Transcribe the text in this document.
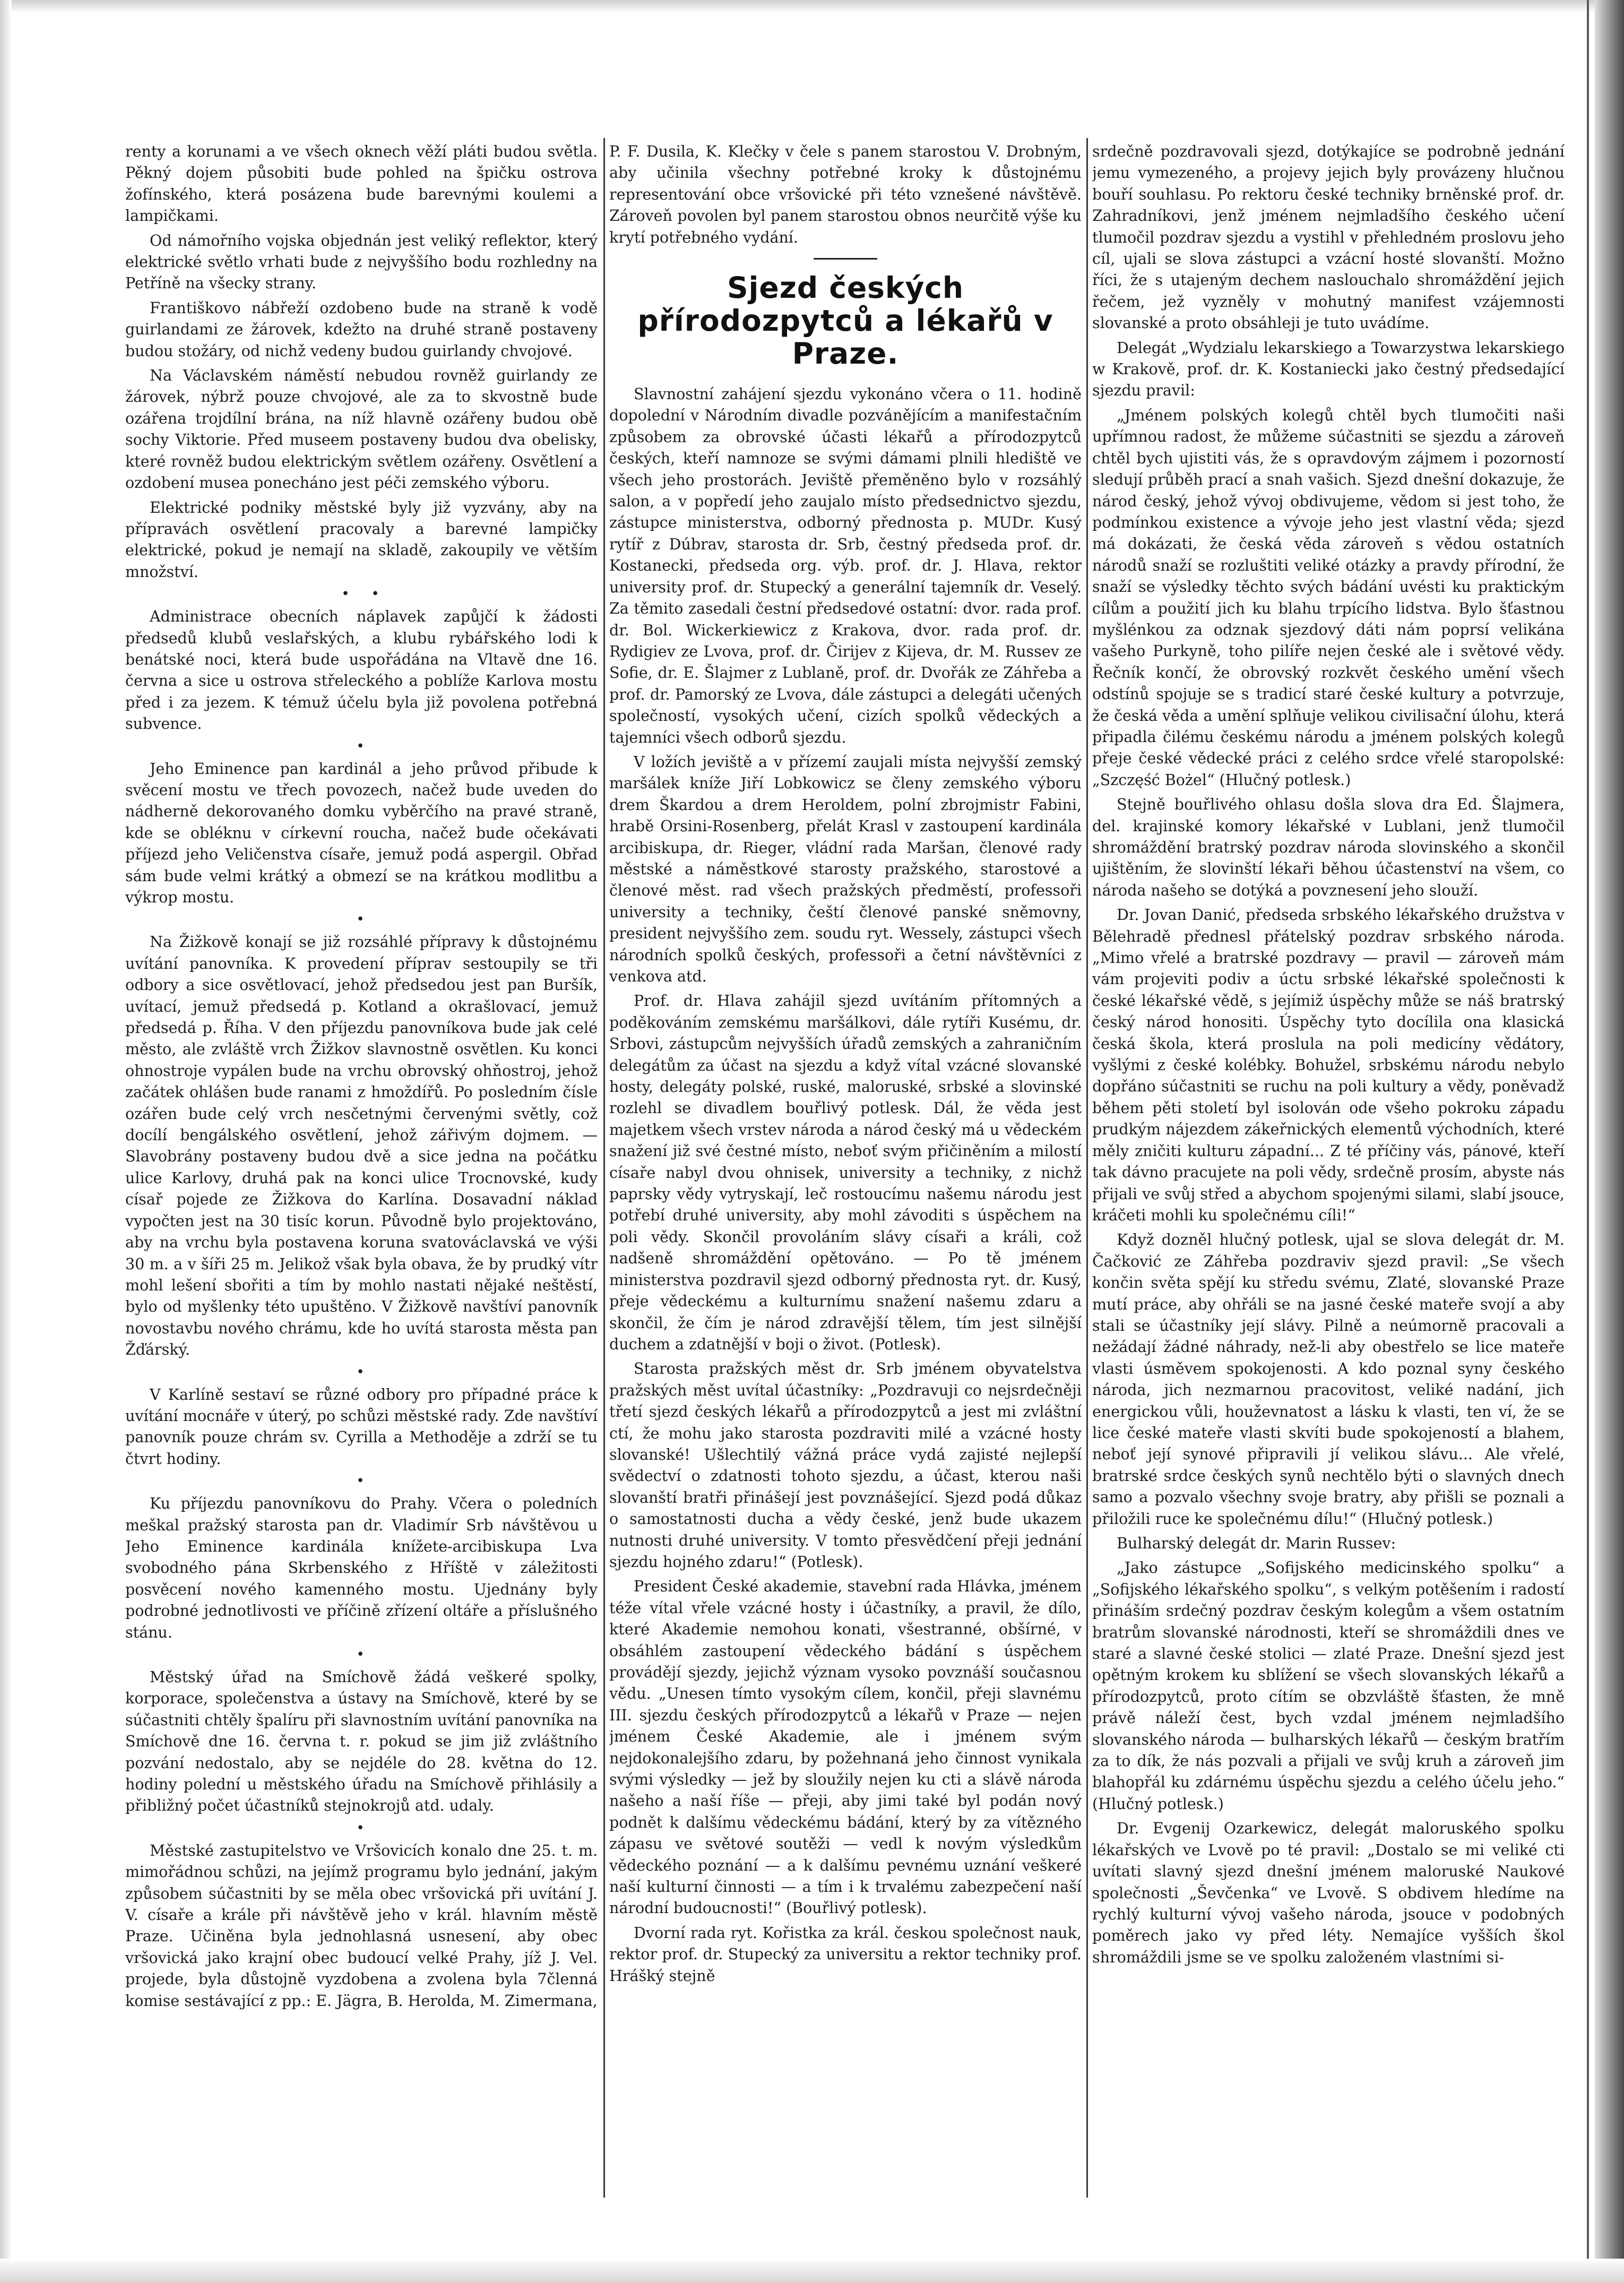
renty a korunami a ve všech oknech věží pláti budou světla. Pěkný dojem působiti bude pohled na špičku ostrova žofínského, která posázena bude barevnými koulemi a lampičkami.

Od námořního vojska objednán jest veliký reflektor, který elektrické světlo vrhati bude z nejvyššího bodu rozhledny na Petříně na všecky strany.

Františkovo nábřeží ozdobeno bude na straně k vodě guirlandami ze žárovek, kdežto na druhé straně postaveny budou stožáry, od nichž vedeny budou guirlandy chvojové.

Na Václavském náměstí nebudou rovněž guirlandy ze žárovek, nýbrž pouze chvojové, ale za to skvostně bude ozářena trojdílní brána, na níž hlavně ozářeny budou obě sochy Viktorie. Před museem postaveny budou dva obelisky, které rovněž budou elektrickým světlem ozářeny. Osvětlení a ozdobení musea ponecháno jest péči zemského výboru.

Elektrické podniky městské byly již vyzvány, aby na přípravách osvětlení pracovaly a barevné lampičky elektrické, pokud je nemají na skladě, zakoupily ve větším množství.

•   •

Administrace obecních náplavek zapůjčí k žádosti předsedů klubů veslařských, a klubu rybářského lodi k benátské noci, která bude uspořádána na Vltavě dne 16. června a sice u ostrova střeleckého a poblíže Karlova mostu před i za jezem. K témuž účelu byla již povolena potřebná subvence.

•

Jeho Eminence pan kardinál a jeho průvod přibude k svěcení mostu ve třech povozech, načež bude uveden do nádherně dekorovaného domku vyběrčího na pravé straně, kde se obléknu v církevní roucha, načež bude očekávati příjezd jeho Veličenstva císaře, jemuž podá aspergil. Obřad sám bude velmi krátký a obmezí se na krátkou modlitbu a výkrop mostu.

•

Na Žižkově konají se již rozsáhlé přípravy k důstojnému uvítání panovníka. K provedení příprav sestoupily se tři odbory a sice osvětlovací, jehož předsedou jest pan Buršík, uvítací, jemuž předsedá p. Kotland a okrašlovací, jemuž předsedá p. Říha. V den příjezdu panovníkova bude jak celé město, ale zvláště vrch Žižkov slavnostně osvětlen. Ku konci ohnostroje vypálen bude na vrchu obrovský ohňostroj, jehož začátek ohlášen bude ranami z hmoždířů. Po posledním čísle ozářen bude celý vrch nesčetnými červenými světly, což docílí bengálského osvětlení, jehož zářivým dojmem. — Slavobrány postaveny budou dvě a sice jedna na počátku ulice Karlovy, druhá pak na konci ulice Trocnovské, kudy císař pojede ze Žižkova do Karlína. Dosavadní náklad vypočten jest na 30 tisíc korun. Původně bylo projektováno, aby na vrchu byla postavena koruna svatováclavská ve výši 30 m. a v šíři 25 m. Jelikož však byla obava, že by prudký vítr mohl lešení sbořiti a tím by mohlo nastati nějaké neštěstí, bylo od myšlenky této upuštěno. V Žižkově navštíví panovník novostavbu nového chrámu, kde ho uvítá starosta města pan Žďárský.

•

V Karlíně sestaví se různé odbory pro případné práce k uvítání mocnáře v úterý, po schůzi městské rady. Zde navštíví panovník pouze chrám sv. Cyrilla a Methoděje a zdrží se tu čtvrt hodiny.

•

Ku příjezdu panovníkovu do Prahy. Včera o poledních meškal pražský starosta pan dr. Vladimír Srb návštěvou u Jeho Eminence kardinála knížete-arcibiskupa Lva svobodného pána Skrbenského z Hříště v záležitosti posvěcení nového kamenného mostu. Ujednány byly podrobné jednotlivosti ve příčině zřízení oltáře a příslušného stánu.

•

Městský úřad na Smíchově žádá veškeré spolky, korporace, společenstva a ústavy na Smíchově, které by se súčastniti chtěly špalíru při slavnostním uvítání panovníka na Smíchově dne 16. června t. r. pokud se jim již zvláštního pozvání nedostalo, aby se nejdéle do 28. května do 12. hodiny polední u městského úřadu na Smíchově přihlásily a přibližný počet účastníků stejnokrojů atd. udaly.

•

Městské zastupitelstvo ve Vršovicích konalo dne 25. t. m. mimořádnou schůzi, na jejímž programu bylo jednání, jakým způsobem súčastniti by se měla obec vršovická při uvítání J. V. císaře a krále při návštěvě jeho v král. hlavním městě Praze. Učiněna byla jednohlasná usnesení, aby obec vršovická jako krajní obec budoucí velké Prahy, jíž J. Vel. projede, byla důstojně vyzdobena a zvolena byla 7členná komise sestávající z pp.: E. Jägra, B. Herolda, M. Zimermana,

P. F. Dusila, K. Klečky v čele s panem starostou V. Drobným, aby učinila všechny potřebné kroky k důstojnému representování obce vršovické při této vznešené návštěvě. Zároveň povolen byl panem starostou obnos neurčitě výše ku krytí potřebného vydání.

Sjezd českých přírodozpytců a lékařů v Praze.

Slavnostní zahájení sjezdu vykonáno včera o 11. hodině dopolední v Národním divadle pozvánějícím a manifestačním způsobem za obrovské účasti lékařů a přírodozpytců českých, kteří namnoze se svými dámami plnili hlediště ve všech jeho prostorách. Jeviště přeměněno bylo v rozsáhlý salon, a v popředí jeho zaujalo místo předsednictvo sjezdu, zástupce ministerstva, odborný přednosta p. MUDr. Kusý rytíř z Dúbrav, starosta dr. Srb, čestný předseda prof. dr. Kostanecki, předseda org. výb. prof. dr. J. Hlava, rektor university prof. dr. Stupecký a generální tajemník dr. Veselý. Za těmito zasedali čestní předsedové ostatní: dvor. rada prof. dr. Bol. Wickerkiewicz z Krakova, dvor. rada prof. dr. Rydigiev ze Lvova, prof. dr. Čirijev z Kijeva, dr. M. Russev ze Sofie, dr. E. Šlajmer z Lublaně, prof. dr. Dvořák ze Záhřeba a prof. dr. Pamorský ze Lvova, dále zástupci a delegáti učených společností, vysokých učení, cizích spolků vědeckých a tajemníci všech odborů sjezdu.

V ložích jeviště a v přízemí zaujali místa nejvyšší zemský maršálek kníže Jiří Lobkowicz se členy zemského výboru drem Škardou a drem Heroldem, polní zbrojmistr Fabini, hrabě Orsini-Rosenberg, přelát Krasl v zastoupení kardinála arcibiskupa, dr. Rieger, vládní rada Maršan, členové rady městské a náměstkové starosty pražského, starostové a členové měst. rad všech pražských předměstí, professoři university a techniky, čeští členové panské sněmovny, president nejvyššího zem. soudu ryt. Wessely, zástupci všech národních spolků českých, professoři a četní návštěvníci z venkova atd.

Prof. dr. Hlava zahájil sjezd uvítáním přítomných a poděkováním zemskému maršálkovi, dále rytíři Kusému, dr. Srbovi, zástupcům nejvyšších úřadů zemských a zahraničním delegátům za účast na sjezdu a když vítal vzácné slovanské hosty, delegáty polské, ruské, maloruské, srbské a slovinské rozlehl se divadlem bouřlivý potlesk. Dál, že věda jest majetkem všech vrstev národa a národ český má u vědeckém snažení již své čestné místo, neboť svým přičiněním a milostí císaře nabyl dvou ohnisek, university a techniky, z nichž paprsky vědy vytryskají, leč rostoucímu našemu národu jest potřebí druhé university, aby mohl závoditi s úspěchem na poli vědy. Skončil provoláním slávy císaři a králi, což nadšeně shromáždění opětováno. — Po tě jménem ministerstva pozdravil sjezd odborný přednosta ryt. dr. Kusý, přeje vědeckému a kulturnímu snažení našemu zdaru a skončil, že čím je národ zdravější tělem, tím jest silnější duchem a zdatnější v boji o život. (Potlesk).

Starosta pražských měst dr. Srb jménem obyvatelstva pražských měst uvítal účastníky: „Pozdravuji co nejsrdečněji třetí sjezd českých lékařů a přírodozpytců a jest mi zvláštní ctí, že mohu jako starosta pozdraviti milé a vzácné hosty slovanské! Ušlechtilý vážná práce vydá zajisté nejlepší svědectví o zdatnosti tohoto sjezdu, a účast, kterou naši slovanští bratři přinášejí jest povznášející. Sjezd podá důkaz o samostatnosti ducha a vědy české, jenž bude ukazem nutnosti druhé university. V tomto přesvědčení přeji jednání sjezdu hojného zdaru!“ (Potlesk).

President České akademie, stavební rada Hlávka, jménem téže vítal vřele vzácné hosty i účastníky, a pravil, že dílo, které Akademie nemohou konati, všestranné, obšírné, v obsáhlém zastoupení vědeckého bádání s úspěchem provádějí sjezdy, jejichž význam vysoko povznáší současnou vědu. „Unesen tímto vysokým cílem, končil, přeji slavnému III. sjezdu českých přírodozpytců a lékařů v Praze — nejen jménem České Akademie, ale i jménem svým nejdokonalejšího zdaru, by požehnaná jeho činnost vynikala svými výsledky — jež by sloužily nejen ku cti a slávě národa našeho a naší říše — přeji, aby jimi také byl podán nový podnět k dalšímu vědeckému bádání, který by za vítězného zápasu ve světové soutěži — vedl k novým výsledkům vědeckého poznání — a k dalšímu pevnému uznání veškeré naší kulturní činnosti — a tím i k trvalému zabezpečení naší národní budoucnosti!“ (Bouřlivý potlesk).

Dvorní rada ryt. Kořistka za král. českou společnost nauk, rektor prof. dr. Stupecký za universitu a rektor techniky prof. Hrášký stejně

srdečně pozdravovali sjezd, dotýkajíce se podrobně jednání jemu vymezeného, a projevy jejich byly provázeny hlučnou bouří souhlasu. Po rektoru české techniky brněnské prof. dr. Zahradníkovi, jenž jménem nejmladšího českého učení tlumočil pozdrav sjezdu a vystihl v přehledném proslovu jeho cíl, ujali se slova zástupci a vzácní hosté slovanští. Možno říci, že s utajeným dechem naslouchalo shromáždění jejich řečem, jež vyzněly v mohutný manifest vzájemnosti slovanské a proto obsáhleji je tuto uvádíme.

Delegát „Wydzialu lekarskiego a Towarzystwa lekarskiego w Krakově, prof. dr. K. Kostaniecki jako čestný předsedající sjezdu pravil:

„Jménem polských kolegů chtěl bych tlumočiti naši upřímnou radost, že můžeme súčastniti se sjezdu a zároveň chtěl bych ujistiti vás, že s opravdovým zájmem i pozorností sledují průběh prací a snah vašich. Sjezd dnešní dokazuje, že národ český, jehož vývoj obdivujeme, vědom si jest toho, že podmínkou existence a vývoje jeho jest vlastní věda; sjezd má dokázati, že česká věda zároveň s vědou ostatních národů snaží se rozluštiti veliké otázky a pravdy přírodní, že snaží se výsledky těchto svých bádání uvésti ku praktickým cílům a použití jich ku blahu trpícího lidstva. Bylo šťastnou myšlénkou za odznak sjezdový dáti nám poprsí velikána vašeho Purkyně, toho pilíře nejen české ale i světové vědy. Řečník končí, že obrovský rozkvět českého umění všech odstínů spojuje se s tradicí staré české kultury a potvrzuje, že česká věda a umění splňuje velikou civilisační úlohu, která připadla čilému českému národu a jménem polských kolegů přeje české vědecké práci z celého srdce vřelé staropolské: „Szczęść Bożel“ (Hlučný potlesk.)

Stejně bouřlivého ohlasu došla slova dra Ed. Šlajmera, del. krajinské komory lékařské v Lublani, jenž tlumočil shromáždění bratrský pozdrav národa slovinského a skončil ujištěním, že slovinští lékaři běhou účastenství na všem, co národa našeho se dotýká a povznesení jeho slouží.

Dr. Jovan Danić, předseda srbského lékařského družstva v Bělehradě přednesl přátelský pozdrav srbského národa. „Mimo vřelé a bratrské pozdravy — pravil — zároveň mám vám projeviti podiv a úctu srbské lékařské společnosti k české lékařské vědě, s jejímiž úspěchy může se náš bratrský český národ honositi. Úspěchy tyto docílila ona klasická česká škola, která proslula na poli medicíny vědátory, vyšlými z české kolébky. Bohužel, srbskému národu nebylo dopřáno súčastniti se ruchu na poli kultury a vědy, poněvadž během pěti století byl isolován ode všeho pokroku západu prudkým nájezdem zákeřnických elementů východních, které měly zničiti kulturu západní... Z té příčiny vás, pánové, kteří tak dávno pracujete na poli vědy, srdečně prosím, abyste nás přijali ve svůj střed a abychom spojenými silami, slabí jsouce, kráčeti mohli ku společnému cíli!“

Když dozněl hlučný potlesk, ujal se slova delegát dr. M. Čačković ze Záhřeba pozdraviv sjezd pravil: „Se všech končin světa spějí ku středu svému, Zlaté, slovanské Praze mutí práce, aby ohřáli se na jasné české mateře svojí a aby stali se účastníky její slávy. Pilně a neúmorně pracovali a nežádají žádné náhrady, než-li aby obestřelo se lice mateře vlasti úsměvem spokojenosti. A kdo poznal syny českého národa, jich nezmarnou pracovitost, veliké nadání, jich energickou vůli, houževnatost a lásku k vlasti, ten ví, že se lice české mateře vlasti skvíti bude spokojeností a blahem, neboť její synové připravili jí velikou slávu... Ale vřelé, bratrské srdce českých synů nechtělo býti o slavných dnech samo a pozvalo všechny svoje bratry, aby přišli se poznali a přiložili ruce ke společnému dílu!“ (Hlučný potlesk.)

Bulharský delegát dr. Marin Russev:

„Jako zástupce „Sofijského medicinského spolku“ a „Sofijského lékařského spolku“, s velkým potěšením i radostí přináším srdečný pozdrav českým kolegům a všem ostatním bratrům slovanské národnosti, kteří se shromáždili dnes ve staré a slavné české stolici — zlaté Praze. Dnešní sjezd jest opětným krokem ku sblížení se všech slovanských lékařů a přírodozpytců, proto cítím se obzvláště šťasten, že mně právě náleží čest, bych vzdal jménem nejmladšího slovanského národa — bulharských lékařů — českým bratřím za to dík, že nás pozvali a přijali ve svůj kruh a zároveň jim blahopřál ku zdárnému úspěchu sjezdu a celého účelu jeho.“ (Hlučný potlesk.)

Dr. Evgenij Ozarkewicz, delegát maloruského spolku lékařských ve Lvově po té pravil: „Dostalo se mi veliké cti uvítati slavný sjezd dnešní jménem maloruské Naukové společnosti „Ševčenka“ ve Lvově. S obdivem hledíme na rychlý kulturní vývoj vašeho národa, jsouce v podobných poměrech jako vy před léty. Nemajíce vyšších škol shromáždili jsme se ve spolku založeném vlastními si-
